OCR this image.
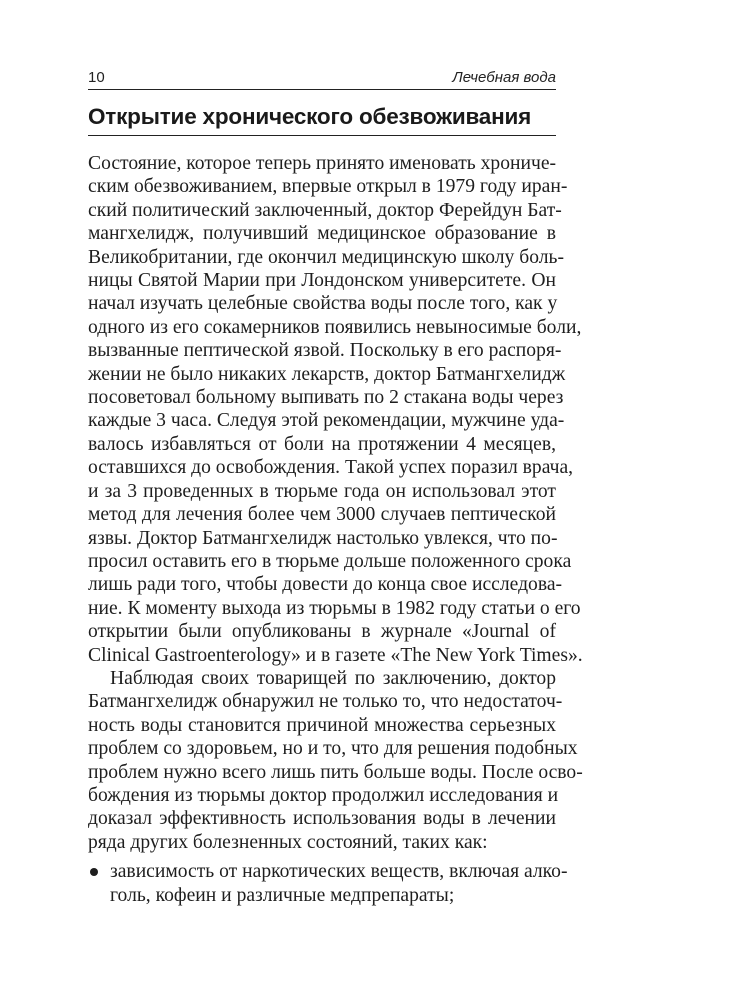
10	Лечебная вода
Открытие хронического обезвоживания

Состояние, которое теперь принято именовать хрониче-
ским обезвоживанием, впервые открыл в 1979 году иран-
ский политический заключенный, доктор Ферейдун Бат-
мангхелидж, получивший медицинское образование в
Великобритании, где окончил медицинскую школу боль-
ницы Святой Марии при Лондонском университете. Он
начал изучать целебные свойства воды после того, как у
одного из его сокамерников появились невыносимые боли,
вызванные пептической язвой. Поскольку в его распоря-
жении не было никаких лекарств, доктор Батмангхелидж
посоветовал больному выпивать по 2 стакана воды через
каждые 3 часа. Следуя этой рекомендации, мужчине уда-
валось избавляться от боли на протяжении 4 месяцев,
оставшихся до освобождения. Такой успех поразил врача,
и за 3 проведенных в тюрьме года он использовал этот
метод для лечения более чем 3000 случаев пептической
язвы. Доктор Батмангхелидж настолько увлекся, что по-
просил оставить его в тюрьме дольше положенного срока
лишь ради того, чтобы довести до конца свое исследова-
ние. К моменту выхода из тюрьмы в 1982 году статьи о его
открытии были опубликованы в журнале «Journal of
Clinical Gastroenterology» и в газете «The New York Times».

Наблюдая своих товарищей по заключению, доктор
Батмангхелидж обнаружил не только то, что недостаточ-
ность воды становится причиной множества серьезных
проблем со здоровьем, но и то, что для решения подобных
проблем нужно всего лишь пить больше воды. После осво-
бождения из тюрьмы доктор продолжил исследования и
доказал эффективность использования воды в лечении
ряда других болезненных состояний, таких как:

зависимость от наркотических веществ, включая алко-
голь, кофеин и различные медпрепараты;
